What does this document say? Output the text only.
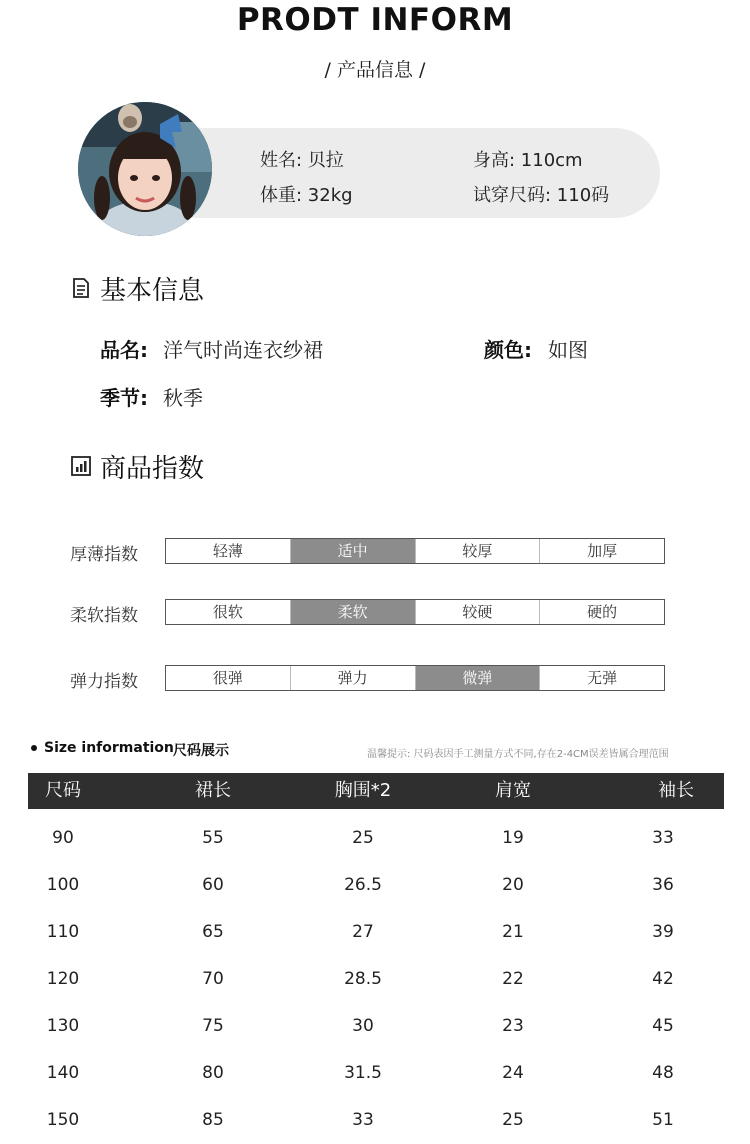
PRODT INFORM
/ 产品信息 /
姓名: 贝拉	身高: 110cm
体重: 32kg	试穿尺码: 110码
基本信息
品名: 洋气时尚连衣纱裙	颜色: 如图
季节: 秋季
商品指数
厚薄指数	轻薄	适中	较厚	加厚
柔软指数	很软	柔软	较硬	硬的
弹力指数	很弹	弹力	微弹	无弹
Size information 尺码展示	温馨提示: 尺码表因手工测量方式不同,存在2-4CM误差皆属合理范围
尺码	裙长	胸围*2	肩宽	袖长
90	55	25	19	33
100	60	26.5	20	36
110	65	27	21	39
120	70	28.5	22	42
130	75	30	23	45
140	80	31.5	24	48
150	85	33	25	51
